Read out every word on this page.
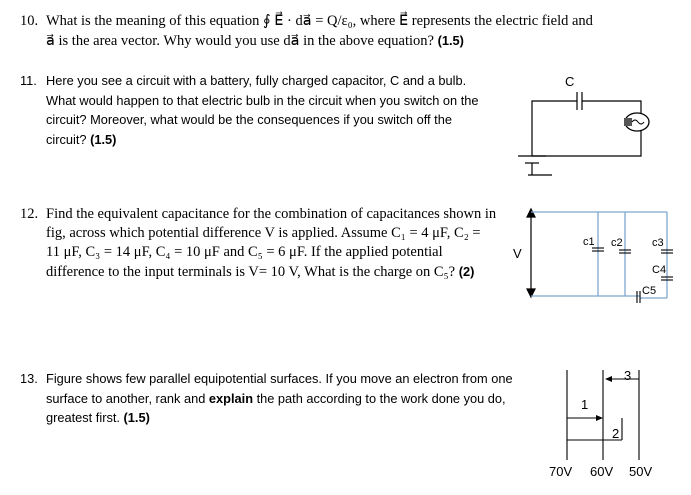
10. What is the meaning of this equation ∮ E⃗ · da⃗ = Q/ε₀, where E⃗ represents the electric field and
a⃗ is the area vector. Why would you use da⃗ in the above equation? (1.5)
11. Here you see a circuit with a battery, fully charged capacitor, C and a bulb.
What would happen to that electric bulb in the circuit when you switch on the
circuit? Moreover, what would be the consequences if you switch off the
circuit? (1.5)
C
12. Find the equivalent capacitance for the combination of capacitances shown in
fig, across which potential difference V is applied. Assume C₁ = 4 μF, C₂ =
11 μF, C₃ = 14 μF, C₄ = 10 μF and C₅ = 6 μF. If the applied potential
difference to the input terminals is V= 10 V, What is the charge on C₅? (2)
V
c1 c2	c3
C4
C5
13. Figure shows few parallel equipotential surfaces. If you move an electron from one
surface to another, rank and explain the path according to the work done you do,
greatest first. (1.5)
1
2
3
70V 60V 50V
